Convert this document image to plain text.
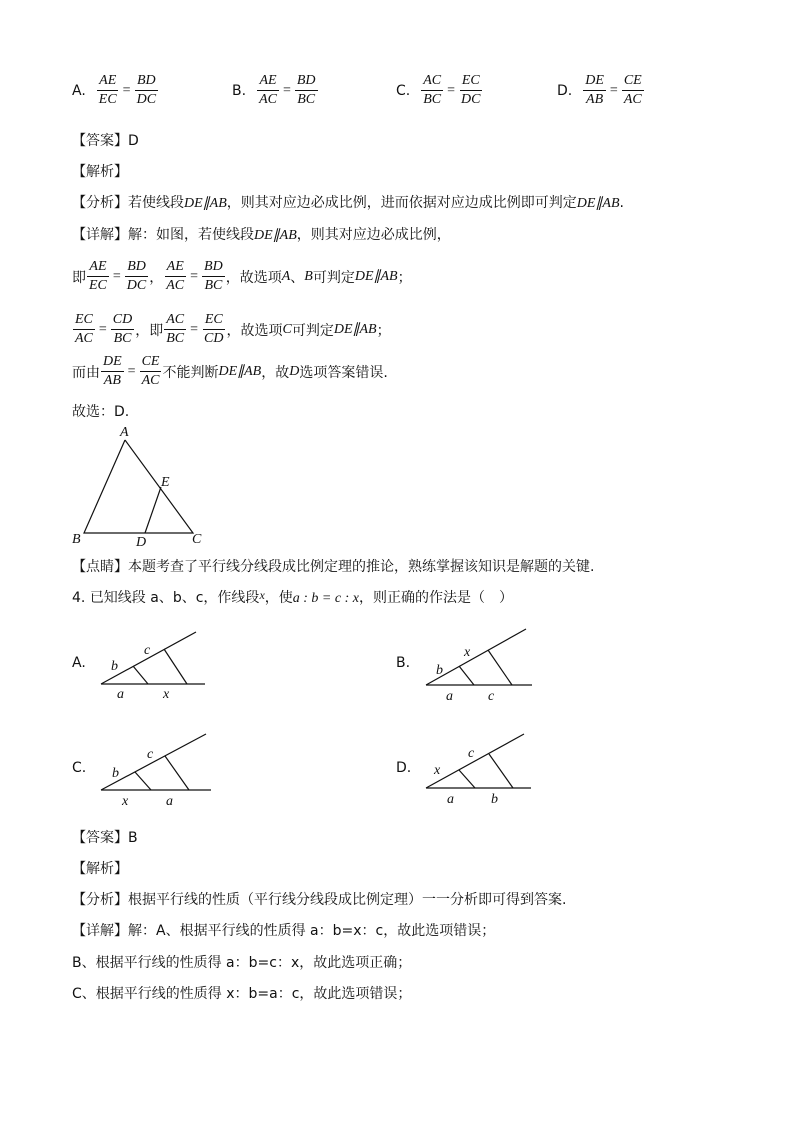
A. $\frac{AE}{EC} = \frac{BD}{DC}$	B. $\frac{AE}{AC} = \frac{BD}{BC}$	C. $\frac{AC}{BC} = \frac{EC}{DC}$	D. $\frac{DE}{AB} = \frac{CE}{AC}$
【答案】D
【解析】
【分析】若使线段DE∥AB，则其对应边必成比例，进而依据对应边成比例即可判定DE∥AB.
【详解】解：如图，若使线段DE∥AB，则其对应边必成比例，
即 $\frac{AE}{EC} = \frac{BD}{DC}$ ， $\frac{AE}{AC} = \frac{BD}{BC}$ ，故选项 A 、 B 可判定 DE∥AB ；
$\frac{EC}{AC} = \frac{CD}{BC}$ ，即 $\frac{AC}{BC} = \frac{EC}{CD}$ ，故选项 C 可判定 DE∥AB ；
而由 $\frac{DE}{AB} = \frac{CE}{AC}$ 不能判断 DE∥AB ，故 D 选项答案错误.
故选：D.
A
B	C
D
E
【点睛】本题考查了平行线分线段成比例定理的推论，熟练掌握该知识是解题的关键.
4. 已知线段 a、b、c，作线段x，使a : b = c : x，则正确的作法是（　）
A. b
c
a	x
B. b
x
a	c
C. b
c
x	a
D. x
c
a	b
【答案】B
【解析】
【分析】根据平行线的性质（平行线分线段成比例定理）一一分析即可得到答案.
【详解】解：A、根据平行线的性质得 a：b=x：c，故此选项错误；
B、根据平行线的性质得 a：b=c：x，故此选项正确；
C、根据平行线的性质得 x：b=a：c，故此选项错误；
